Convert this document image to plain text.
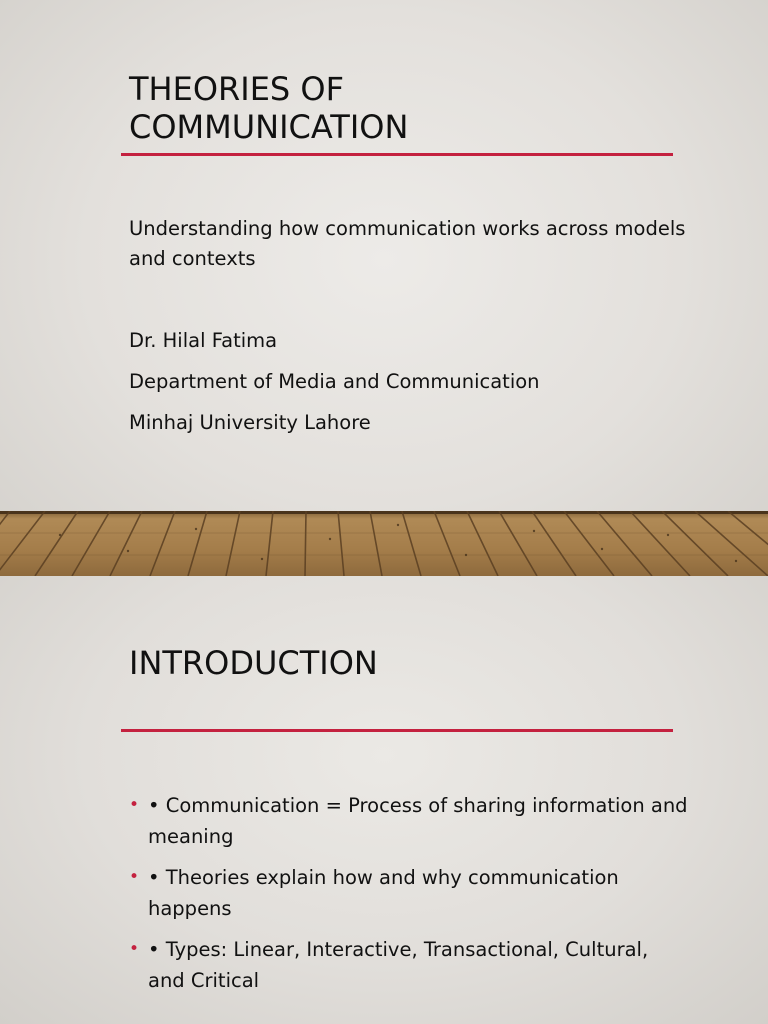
THEORIES OF
COMMUNICATION
Understanding how communication works across models and contexts
Dr. Hilal Fatima
Department of Media and Communication
Minhaj University Lahore
INTRODUCTION
• • Communication = Process of sharing information and meaning
• • Theories explain how and why communication happens
• • Types: Linear, Interactive, Transactional, Cultural, and Critical
